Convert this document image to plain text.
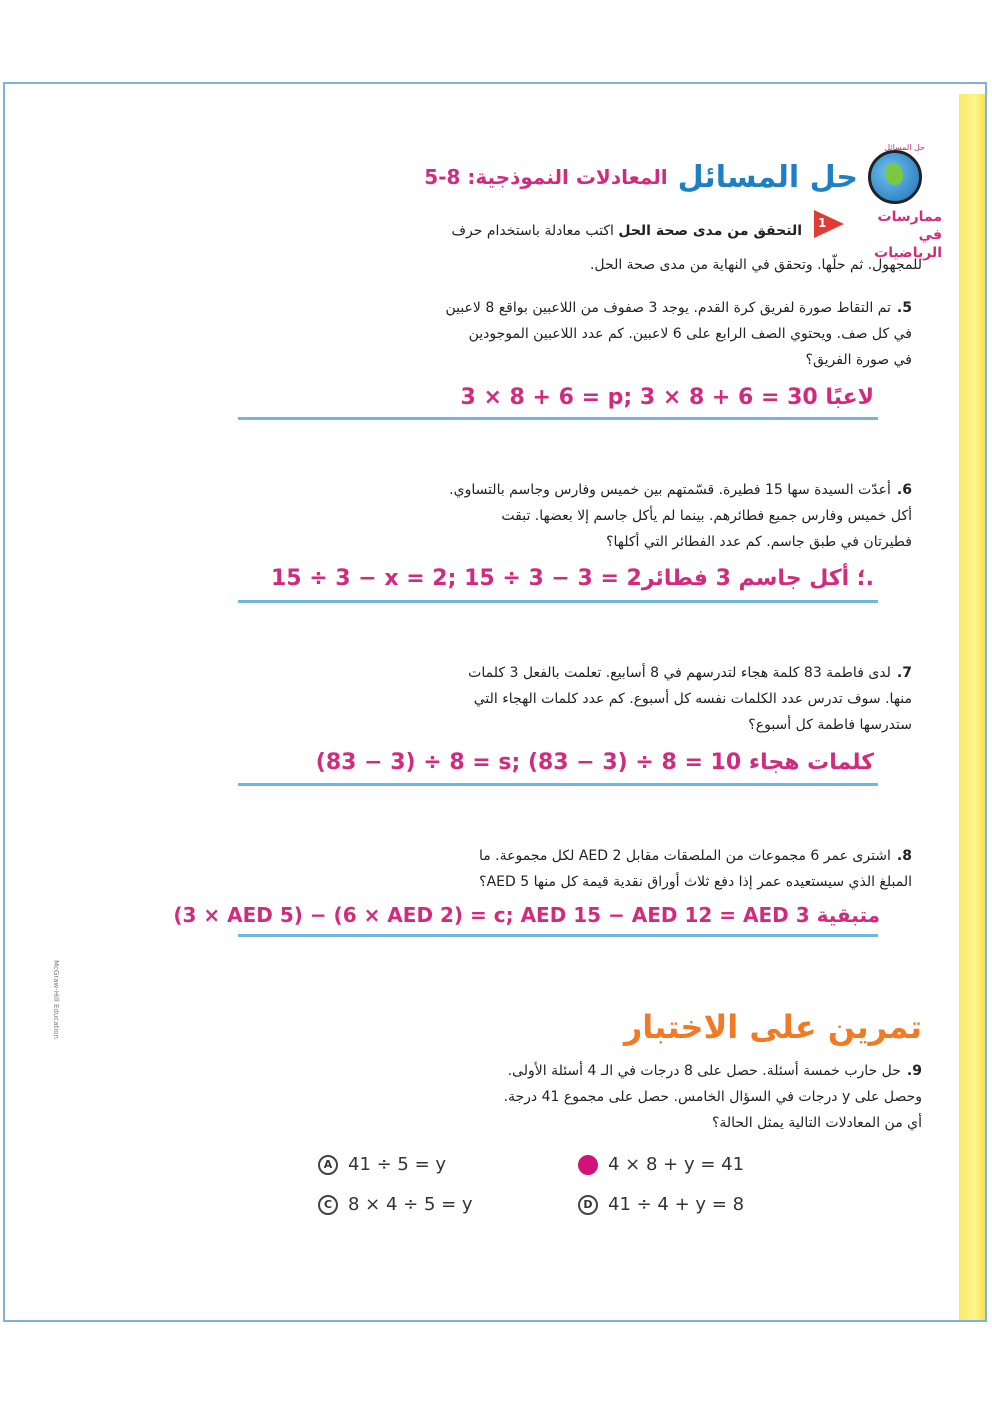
McGraw-Hill Education
حل المسائل
حل المسائل
المعادلات النموذجية: 8-5
ممارسات في الرياضيات
1
التحقق من مدى صحة الحل اكتب معادلة باستخدام حرف
للمجهول. ثم حلّها. وتحقق في النهاية من مدى صحة الحل.
5.تم التقاط صورة لفريق كرة القدم. يوجد 3 صفوف من اللاعبين بواقع 8 لاعبين
في كل صف. ويحتوي الصف الرابع على 6 لاعبين. كم عدد اللاعبين الموجودين
في صورة الفريق؟
3 × 8 + 6 = p; 3 × 8 + 6 = 30 لاعبًا
6.أعدّت السيدة سها 15 فطيرة. قسّمتهم بين خميس وفارس وجاسم بالتساوي.
أكل خميس وفارس جميع فطائرهم. بينما لم يأكل جاسم إلا بعضها. تبقت
فطيرتان في طبق جاسم. كم عدد الفطائر التي أكلها؟
15 ÷ 3 − x = 2; 15 ÷ 3 − 3 = 2؛ أكل جاسم 3 فطائر.
7.لدى فاطمة 83 كلمة هجاء لتدرسهم في 8 أسابيع. تعلمت بالفعل 3 كلمات
منها. سوف تدرس عدد الكلمات نفسه كل أسبوع. كم عدد كلمات الهجاء التي
ستدرسها فاطمة كل أسبوع؟
(83 − 3) ÷ 8 = s; (83 − 3) ÷ 8 = 10 كلمات هجاء
8.اشترى عمر 6 مجموعات من الملصقات مقابل AED 2 لكل مجموعة. ما
المبلغ الذي سيستعيده عمر إذا دفع ثلاث أوراق نقدية قيمة كل منها AED 5؟
(3 × AED 5) − (6 × AED 2) = c; AED 15 − AED 12 = AED 3 متبقية
تمرين على الاختبار
9.حل حارب خمسة أسئلة. حصل على 8 درجات في الـ 4 أسئلة الأولى.
وحصل على y درجات في السؤال الخامس. حصل على مجموع 41 درجة.
أي من المعادلات التالية يمثل الحالة؟
A 41 ÷ 5 = y	4 × 8 + y = 41
C 8 × 4 ÷ 5 = y	D 41 ÷ 4 + y = 8
